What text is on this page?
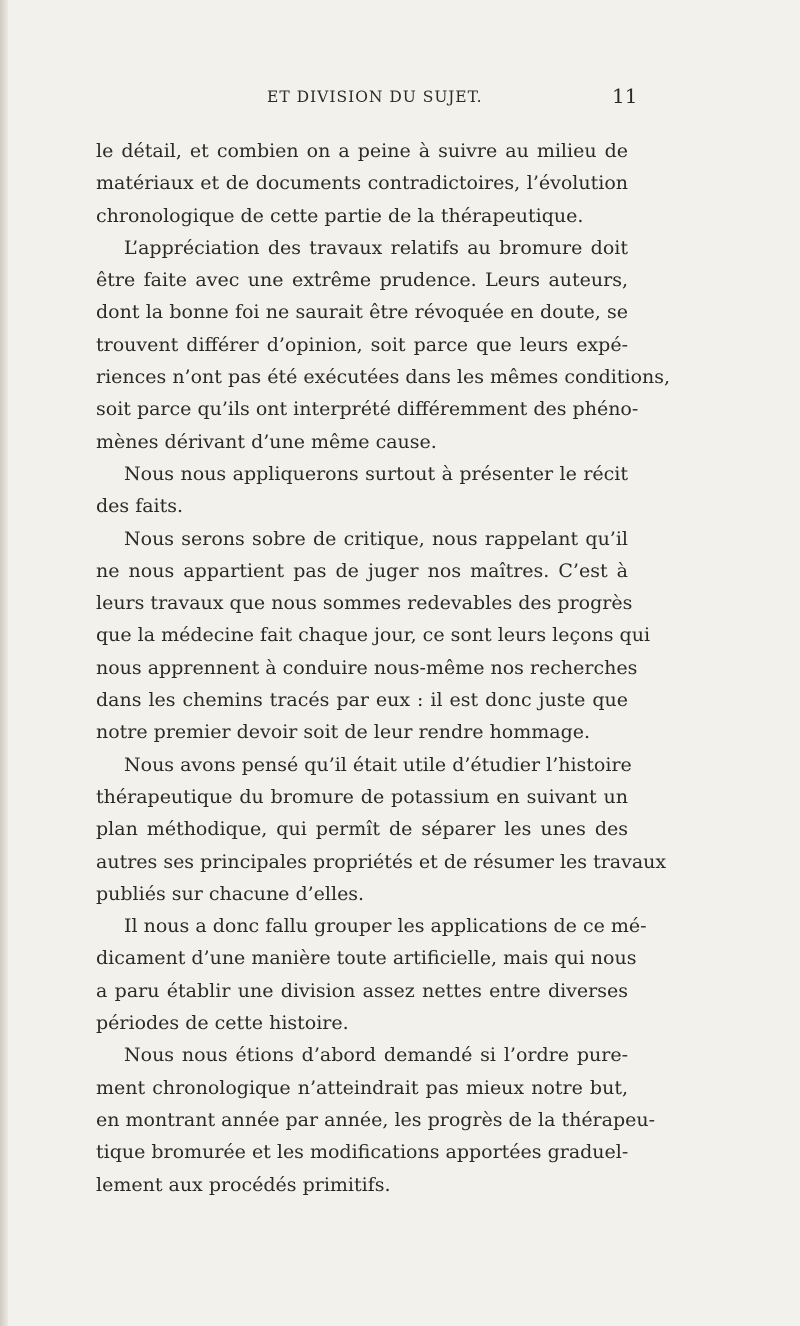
ET DIVISION DU SUJET.	11
le détail, et combien on a peine à suivre au milieu de
matériaux et de documents contradictoires, l’évolution
chronologique de cette partie de la thérapeutique.
L’appréciation des travaux relatifs au bromure doit
être faite avec une extrême prudence. Leurs auteurs,
dont la bonne foi ne saurait être révoquée en doute, se
trouvent différer d’opinion, soit parce que leurs expé-
riences n’ont pas été exécutées dans les mêmes conditions,
soit parce qu’ils ont interprété différemment des phéno-
mènes dérivant d’une même cause.
Nous nous appliquerons surtout à présenter le récit
des faits.
Nous serons sobre de critique, nous rappelant qu’il
ne nous appartient pas de juger nos maîtres. C’est à
leurs travaux que nous sommes redevables des progrès
que la médecine fait chaque jour, ce sont leurs leçons qui
nous apprennent à conduire nous-même nos recherches
dans les chemins tracés par eux : il est donc juste que
notre premier devoir soit de leur rendre hommage.
Nous avons pensé qu’il était utile d’étudier l’histoire
thérapeutique du bromure de potassium en suivant un
plan méthodique, qui permît de séparer les unes des
autres ses principales propriétés et de résumer les travaux
publiés sur chacune d’elles.
Il nous a donc fallu grouper les applications de ce mé-
dicament d’une manière toute artificielle, mais qui nous
a paru établir une division assez nettes entre diverses
périodes de cette histoire.
Nous nous étions d’abord demandé si l’ordre pure-
ment chronologique n’atteindrait pas mieux notre but,
en montrant année par année, les progrès de la thérapeu-
tique bromurée et les modifications apportées graduel-
lement aux procédés primitifs.
